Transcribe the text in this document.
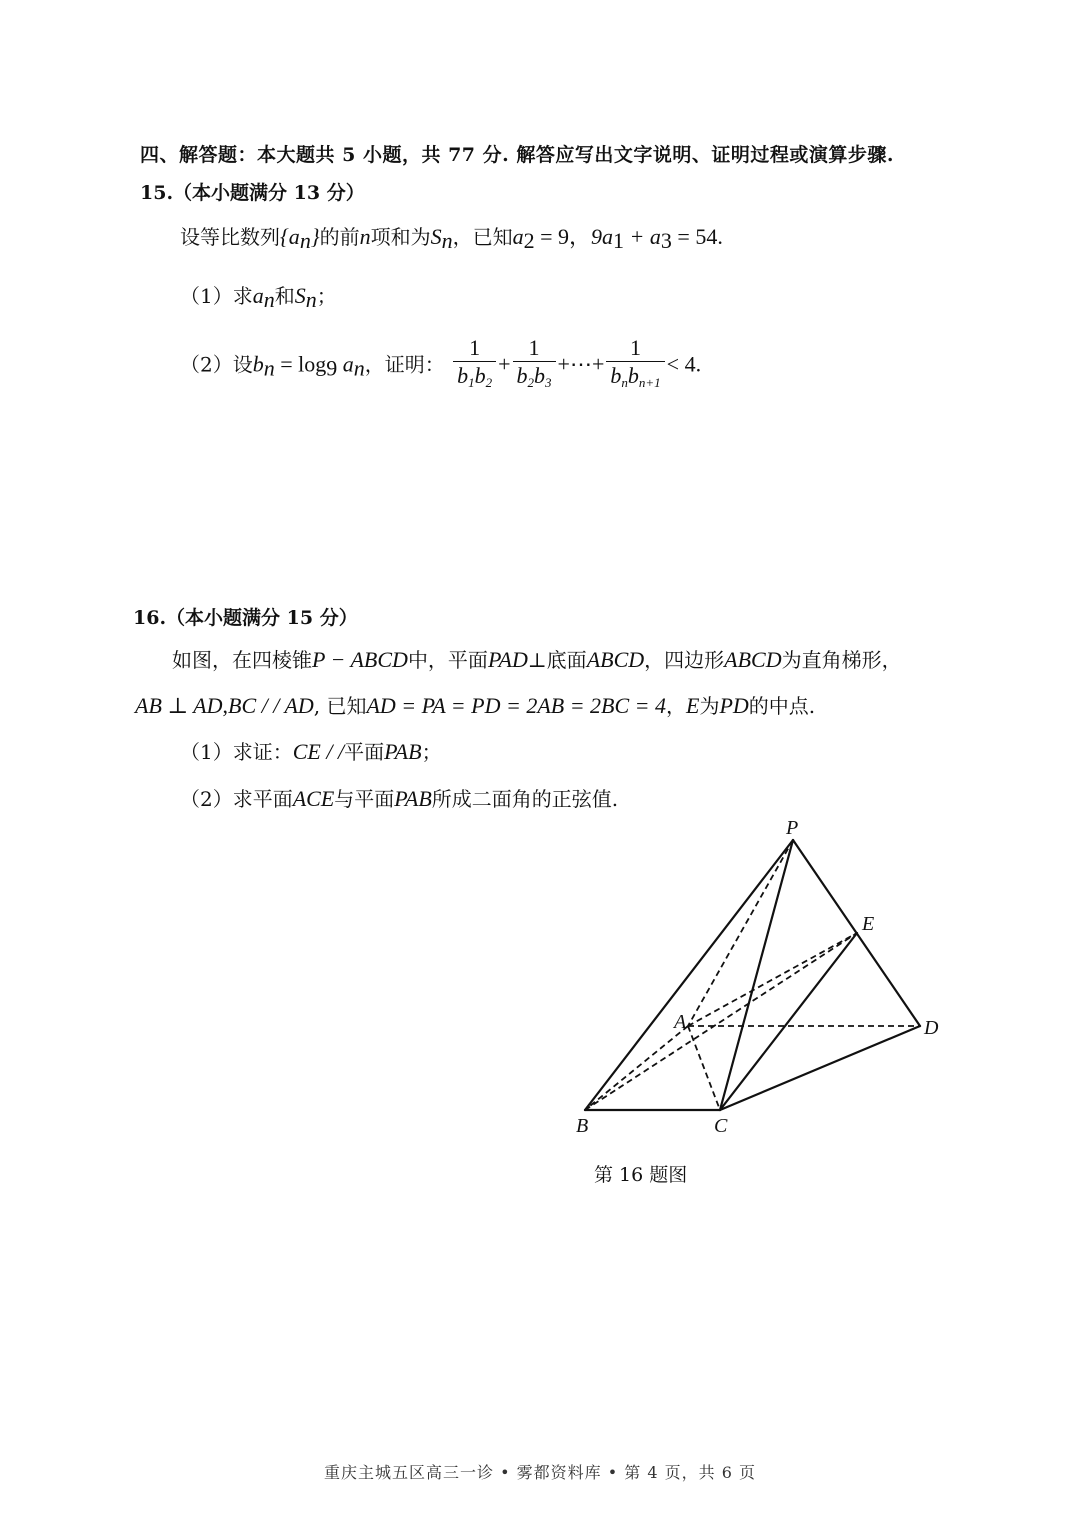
四、解答题：本大题共 5 小题，共 77 分. 解答应写出文字说明、证明过程或演算步骤.
15.（本小题满分 13 分）
设等比数列$\{a_n\}$的前n项和为$S_n$，已知$a_2 = 9$，$9a_1 + a_3 = 54$.
（1）求$a_n$和$S_n$；
（2）设$b_n = \log_9 a_n$，证明： $\frac{1}{b_1b_2} + \frac{1}{b_2b_3}$ +⋯+ $\frac{1}{b_nb_{n+1}} < 4$.
16.（本小题满分 15 分）
如图，在四棱锥P − ABCD中，平面PAD⊥底面ABCD，四边形ABCD为直角梯形，
AB ⊥ AD,BC / / AD, 已知AD = PA = PD = 2AB = 2BC = 4，E为PD的中点.
（1）求证：CE / /平面PAB；
（2）求平面ACE与平面PAB所成二面角的正弦值.
P
E
A	D
B	C
第 16 题图
重庆主城五区高三一诊 • 雾都资料库 • 第 4 页，共 6 页
